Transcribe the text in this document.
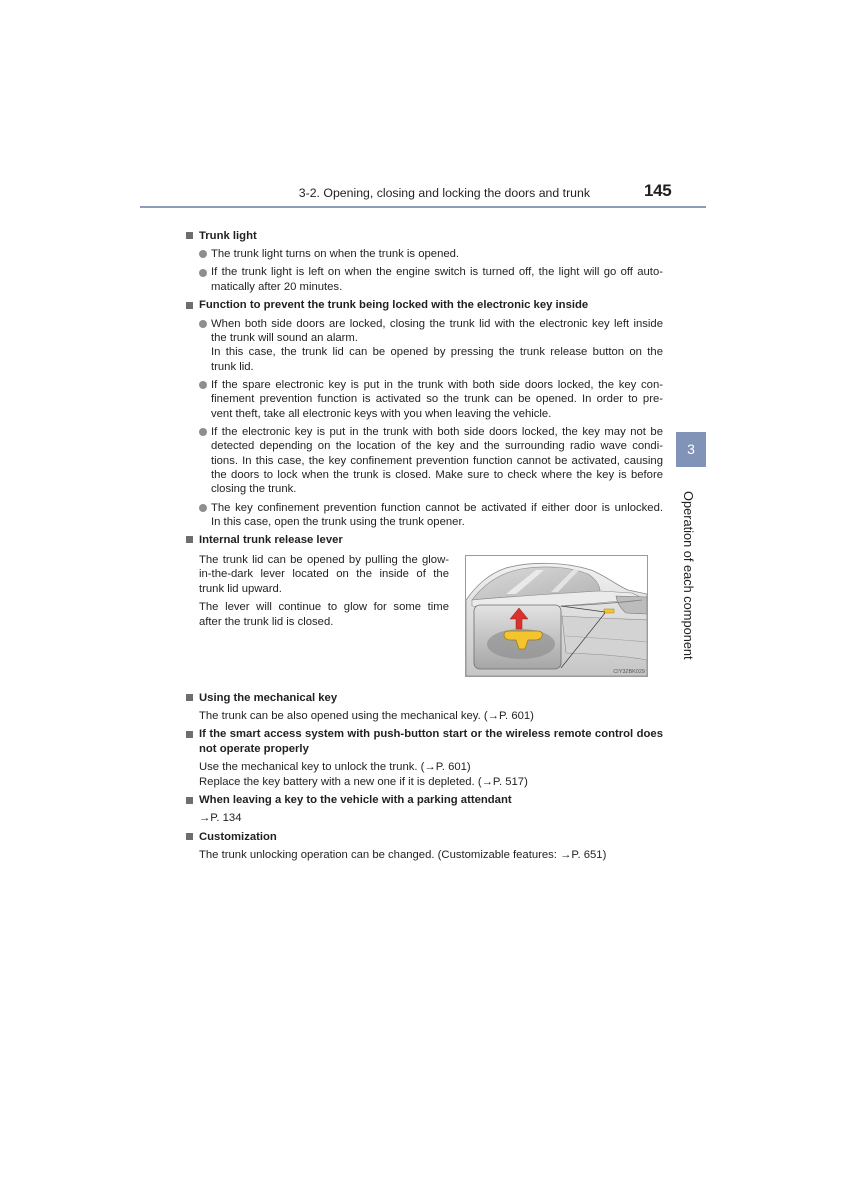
3-2. Opening, closing and locking the doors and trunk	145
3
Operation of each component
Trunk light
The trunk light turns on when the trunk is opened.
If the trunk light is left on when the engine switch is turned off, the light will go off auto-
matically after 20 minutes.
Function to prevent the trunk being locked with the electronic key inside
When both side doors are locked, closing the trunk lid with the electronic key left inside
the trunk will sound an alarm.
In this case, the trunk lid can be opened by pressing the trunk release button on the
trunk lid.
If the spare electronic key is put in the trunk with both side doors locked, the key con-
finement prevention function is activated so the trunk can be opened. In order to pre-
vent theft, take all electronic keys with you when leaving the vehicle.
If the electronic key is put in the trunk with both side doors locked, the key may not be
detected depending on the location of the key and the surrounding radio wave condi-
tions. In this case, the key confinement prevention function cannot be activated, causing
the doors to lock when the trunk is closed. Make sure to check where the key is before
closing the trunk.
The key confinement prevention function cannot be activated if either door is unlocked.
In this case, open the trunk using the trunk opener.
Internal trunk release lever
The trunk lid can be opened by pulling the glow-
in-the-dark lever located on the inside of the
trunk lid upward.
The lever will continue to glow for some time
after the trunk lid is closed.
CIY32BK029
Using the mechanical key
The trunk can be also opened using the mechanical key. (→P. 601)
If the smart access system with push-button start or the wireless remote control does
not operate properly
Use the mechanical key to unlock the trunk. (→P. 601)
Replace the key battery with a new one if it is depleted. (→P. 517)
When leaving a key to the vehicle with a parking attendant
→P. 134
Customization
The trunk unlocking operation can be changed. (Customizable features: →P. 651)
